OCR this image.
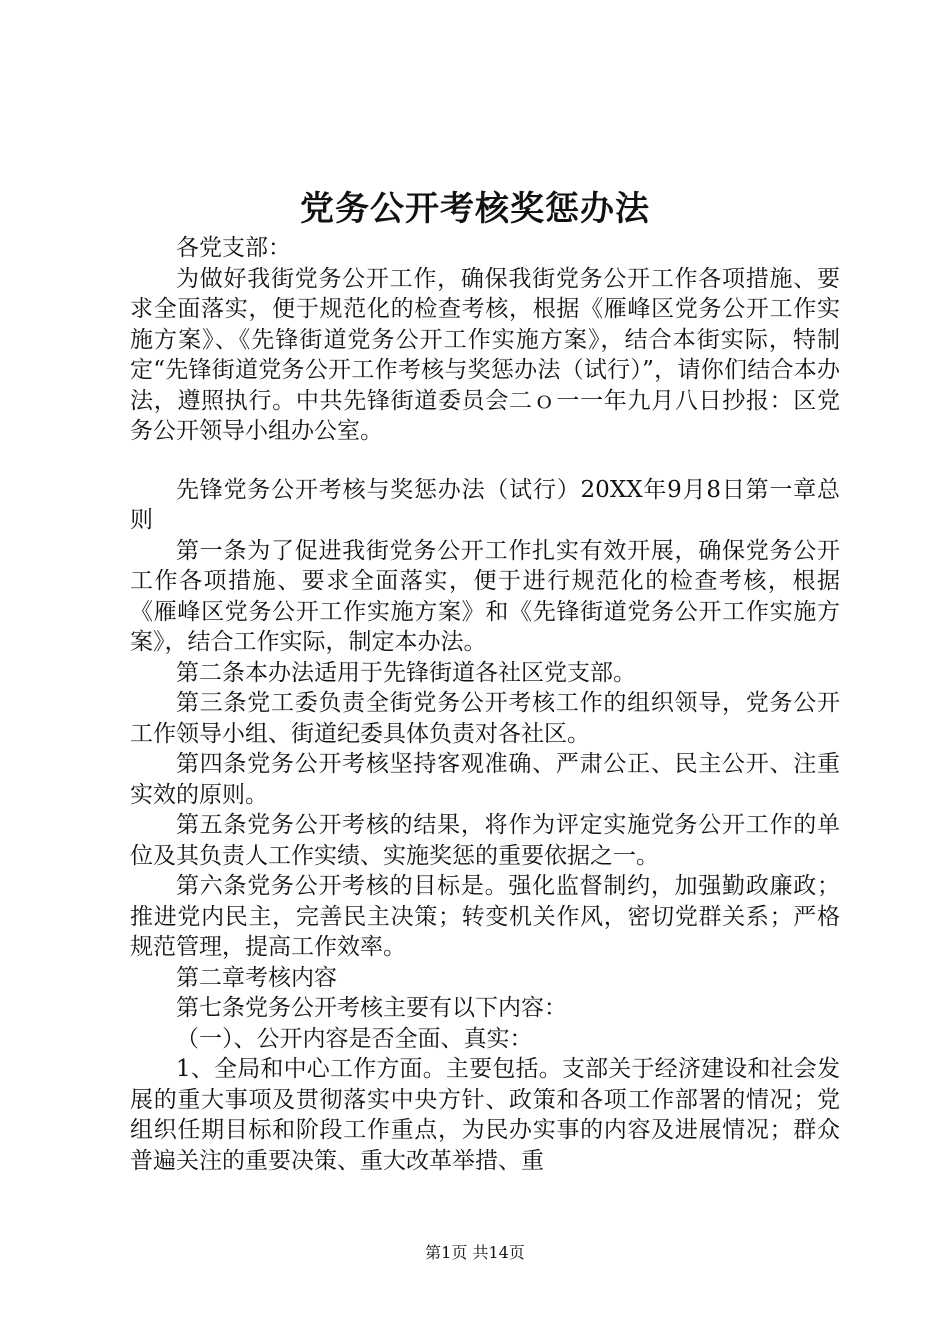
党务公开考核奖惩办法

各党支部：

为做好我街党务公开工作，确保我街党务公开工作各项措施、要求全面落实，便于规范化的检查考核，根据《雁峰区党务公开工作实施方案》、《先锋街道党务公开工作实施方案》，结合本街实际，特制定“先锋街道党务公开工作考核与奖惩办法（试行）”，请你们结合本办法，遵照执行。中共先锋街道委员会二ｏ一一年九月八日抄报：区党务公开领导小组办公室。

先锋党务公开考核与奖惩办法（试行）20XX年9月8日第一章总则

第一条为了促进我街党务公开工作扎实有效开展，确保党务公开工作各项措施、要求全面落实，便于进行规范化的检查考核，根据《雁峰区党务公开工作实施方案》和《先锋街道党务公开工作实施方案》，结合工作实际，制定本办法。

第二条本办法适用于先锋街道各社区党支部。

第三条党工委负责全街党务公开考核工作的组织领导，党务公开工作领导小组、街道纪委具体负责对各社区。

第四条党务公开考核坚持客观准确、严肃公正、民主公开、注重实效的原则。

第五条党务公开考核的结果，将作为评定实施党务公开工作的单位及其负责人工作实绩、实施奖惩的重要依据之一。

第六条党务公开考核的目标是。强化监督制约，加强勤政廉政；推进党内民主，完善民主决策；转变机关作风，密切党群关系；严格规范管理，提高工作效率。

第二章考核内容

第七条党务公开考核主要有以下内容：

（一）、公开内容是否全面、真实：

1、全局和中心工作方面。主要包括。支部关于经济建设和社会发展的重大事项及贯彻落实中央方针、政策和各项工作部署的情况；党组织任期目标和阶段工作重点，为民办实事的内容及进展情况；群众普遍关注的重要决策、重大改革举措、重

第1页 共14页
